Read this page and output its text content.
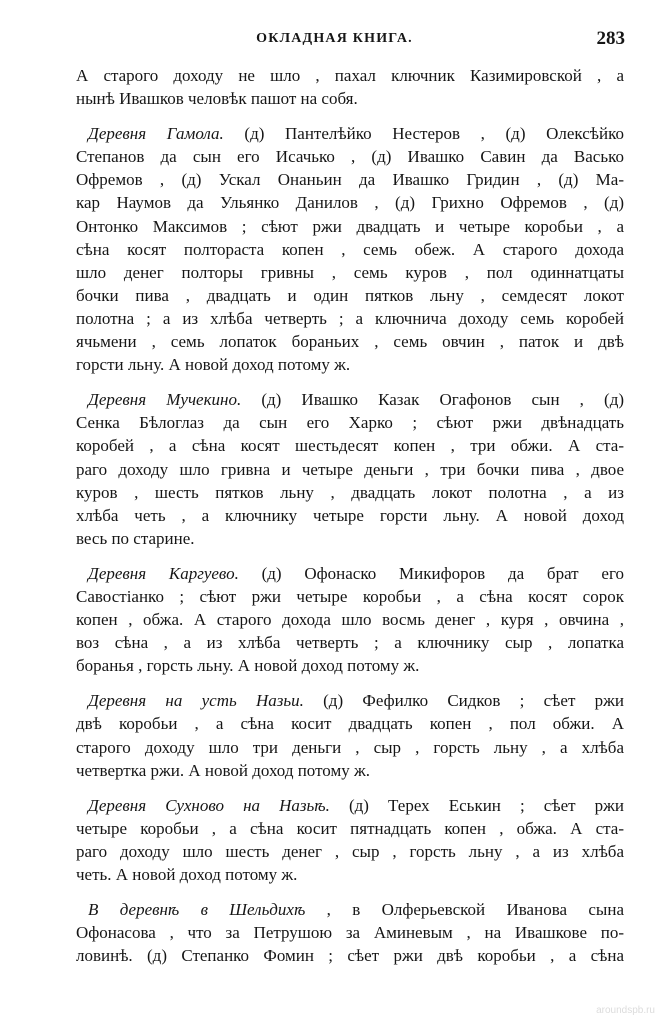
ОКЛАДНАЯ КНИГА.	283
А старого доходу не шло , пахал ключник Казимировской , а
нынѣ Ивашков человѣк пашот на собя.
Деревня Гамола. (д) Пантелѣйко Нестеров , (д) Олексѣйко
Степанов да сын его Исачько , (д) Ивашко Савин да Васько
Офремов , (д) Ускал Онаньин да Ивашко Гридин , (д) Ма-
кар Наумов да Ульянко Данилов , (д) Грихно Офремов , (д)
Онтонко Максимов ; сѣют ржи двадцать и четыре коробьи , а
сѣна косят полтораста копен , семь обеж. А старого дохода
шло денег полторы гривны , семь куров , пол одиннатцаты
бочки пива , двадцать и один пятков льну , семдесят локот
полотна ; а из хлѣба четверть ; а ключнича доходу семь коробей
ячьмени , семь лопаток бораньих , семь овчин , паток и двѣ
горсти льну. А новой доход потому ж.
Деревня Мучекино. (д) Ивашко Казак Огафонов сын , (д)
Сенка Бѣлоглаз да сын его Харко ; сѣют ржи двѣнадцать
коробей , а сѣна косят шестьдесят копен , три обжи. А ста-
раго доходу шло гривна и четыре деньги , три бочки пива , двое
куров , шесть пятков льну , двадцать локот полотна , а из
хлѣба четь , а ключнику четыре горсти льну. А новой доход
весь по старине.
Деревня Каргуево. (д) Офонаско Микифоров да брат его
Савостіанко ; сѣют ржи четыре коробьи , а сѣна косят сорок
копен , обжа. А старого дохода шло восмь денег , куря , овчина ,
воз сѣна , а из хлѣба четверть ; а ключнику сыр , лопатка
боранья , горсть льну. А новой доход потому ж.
Деревня на усть Назьи. (д) Фефилко Сидков ; сѣет ржи
двѣ коробьи , а сѣна косит двадцать копен , пол обжи. А
старого доходу шло три деньги , сыр , горсть льну , а хлѣба
четвертка ржи. А новой доход потому ж.
Деревня Сухново на Назьѣ. (д) Терех Еськин ; сѣет ржи
четыре коробьи , а сѣна косит пятнадцать копен , обжа. А ста-
раго доходу шло шесть денег , сыр , горсть льну , а из хлѣба
четь. А новой доход потому ж.
В деревнѣ в Шельдихѣ , в Олферьевской Иванова сына
Офонасова , что за Петрушою за Аминевым , на Ивашкове по-
ловинѣ. (д) Степанко Фомин ; сѣет ржи двѣ коробьи , а сѣна
aroundspb.ru
